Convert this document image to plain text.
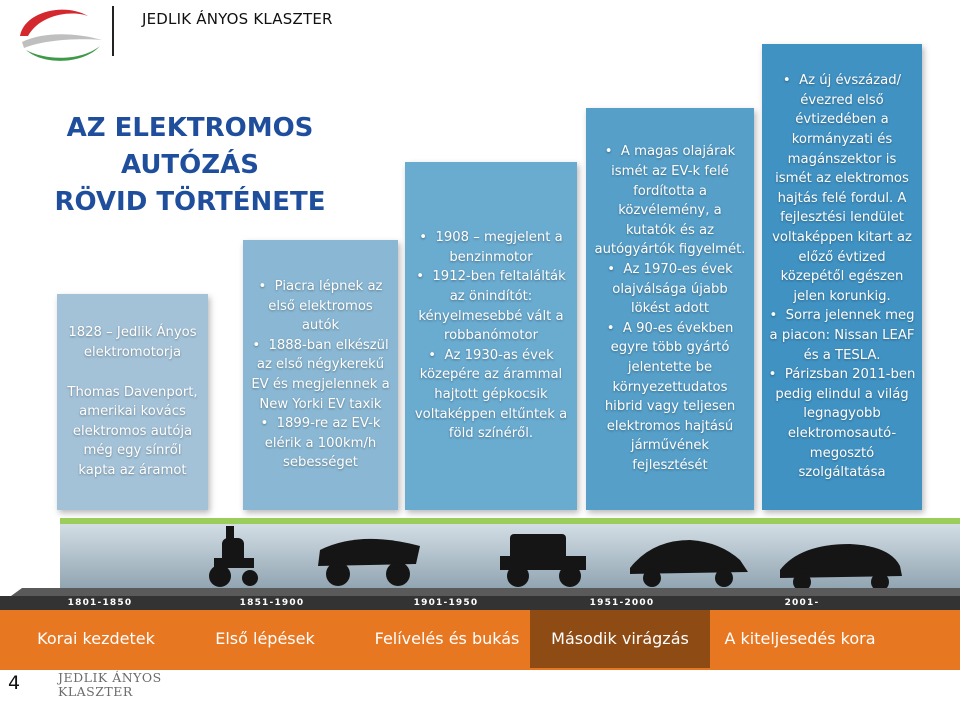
JEDLIK ÁNYOS KLASZTER
AZ ELEKTROMOS AUTÓZÁS
RÖVID TÖRTÉNETE

1828 – Jedlik Ányos elektromotorja

Thomas Davenport, amerikai kovács elektromos autója még egy sínről kapta az áramot

•  Piacra lépnek az első elektromos autók
•  1888-ban elkészül az első négykerekű EV és megjelennek a New Yorki EV taxik
•  1899-re az EV-k elérik a 100km/h sebességet
•  1908 – megjelent a benzinmotor
•  1912-ben feltalálták az önindítót: kényelmesebbé vált a robbanómotor
•  Az 1930-as évek közepére az árammal hajtott gépkocsik voltaképpen eltűntek a föld színéről.
•  A magas olajárak ismét az EV-k felé fordította a közvélemény, a kutatók és az autógyártók figyelmét.
•  Az 1970-es évek olajválsága újabb lökést adott
•  A 90-es években egyre több gyártó jelentette be környezettudatos hibrid vagy teljesen elektromos hajtású járművének fejlesztését
•  Az új évszázad/évezred első évtizedében a kormányzati és magánszektor is ismét az elektromos hajtás felé fordul. A fejlesztési lendület voltaképpen kitart az előző évtized közepétől egészen jelen korunkig.
•  Sorra jelennek meg a piacon: Nissan LEAF és a TESLA.
•  Párizsban 2011-ben pedig elindul a világ legnagyobb elektromosautó-megosztó szolgáltatása
1801-1850	1851-1900	1901-1950	1951-2000	2001-
Korai kezdetek	Első lépések	Felívelés és bukás	Második virágzás	A kiteljesedés kora
4	JEDLIK ÁNYOS
KLASZTER
